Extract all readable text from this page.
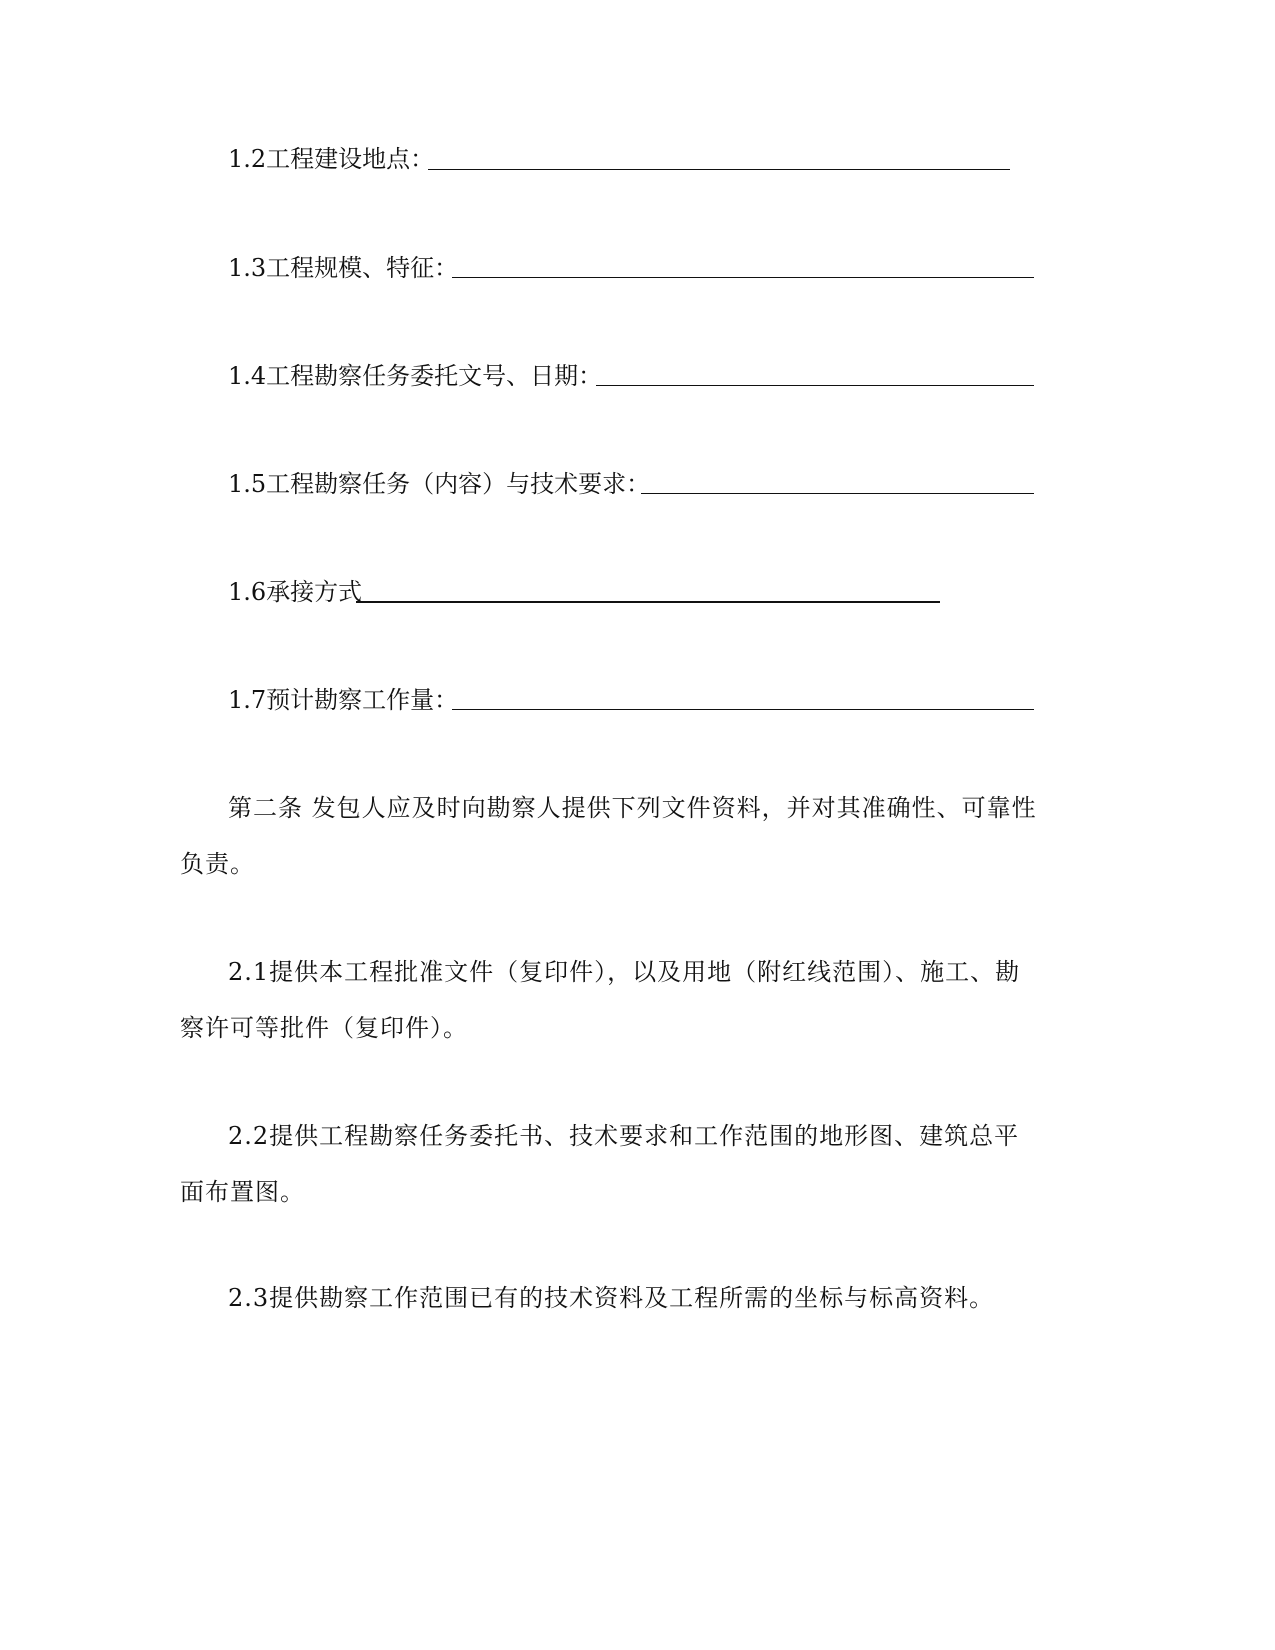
1.2工程建设地点：
1.3工程规模、特征：
1.4工程勘察任务委托文号、日期：
1.5工程勘察任务（内容）与技术要求：
1.6承接方式
1.7预计勘察工作量：
第二条 发包人应及时向勘察人提供下列文件资料，并对其准确性、可靠性负责。
2.1提供本工程批准文件（复印件），以及用地（附红线范围）、施工、勘察许可等批件（复印件）。
2.2提供工程勘察任务委托书、技术要求和工作范围的地形图、建筑总平面布置图。
2.3提供勘察工作范围已有的技术资料及工程所需的坐标与标高资料。
